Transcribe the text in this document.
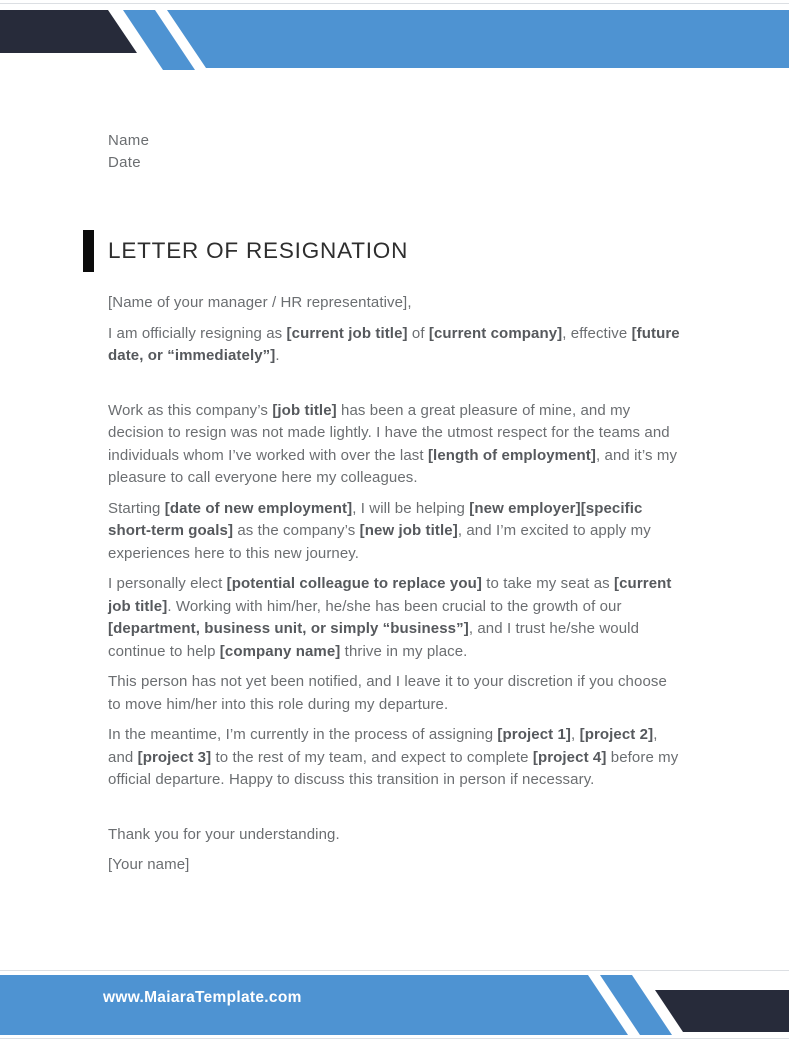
Name
Date
LETTER OF RESIGNATION

[Name of your manager / HR representative],

I am officially resigning as [current job title] of [current company], effective [future date, or “immediately”].

Work as this company’s [job title] has been a great pleasure of mine, and my decision to resign was not made lightly. I have the utmost respect for the teams and individuals whom I’ve worked with over the last [length of employment], and it’s my pleasure to call everyone here my colleagues.

Starting [date of new employment], I will be helping [new employer][specific short-term goals] as the company’s [new job title], and I’m excited to apply my experiences here to this new journey.

I personally elect [potential colleague to replace you] to take my seat as [current job title]. Working with him/her, he/she has been crucial to the growth of our [department, business unit, or simply “business”], and I trust he/she would continue to help [company name] thrive in my place.

This person has not yet been notified, and I leave it to your discretion if you choose to move him/her into this role during my departure.

In the meantime, I’m currently in the process of assigning [project 1], [project 2], and [project 3] to the rest of my team, and expect to complete [project 4] before my official departure. Happy to discuss this transition in person if necessary.

Thank you for your understanding.

[Your name]

www.MaiaraTemplate.com
